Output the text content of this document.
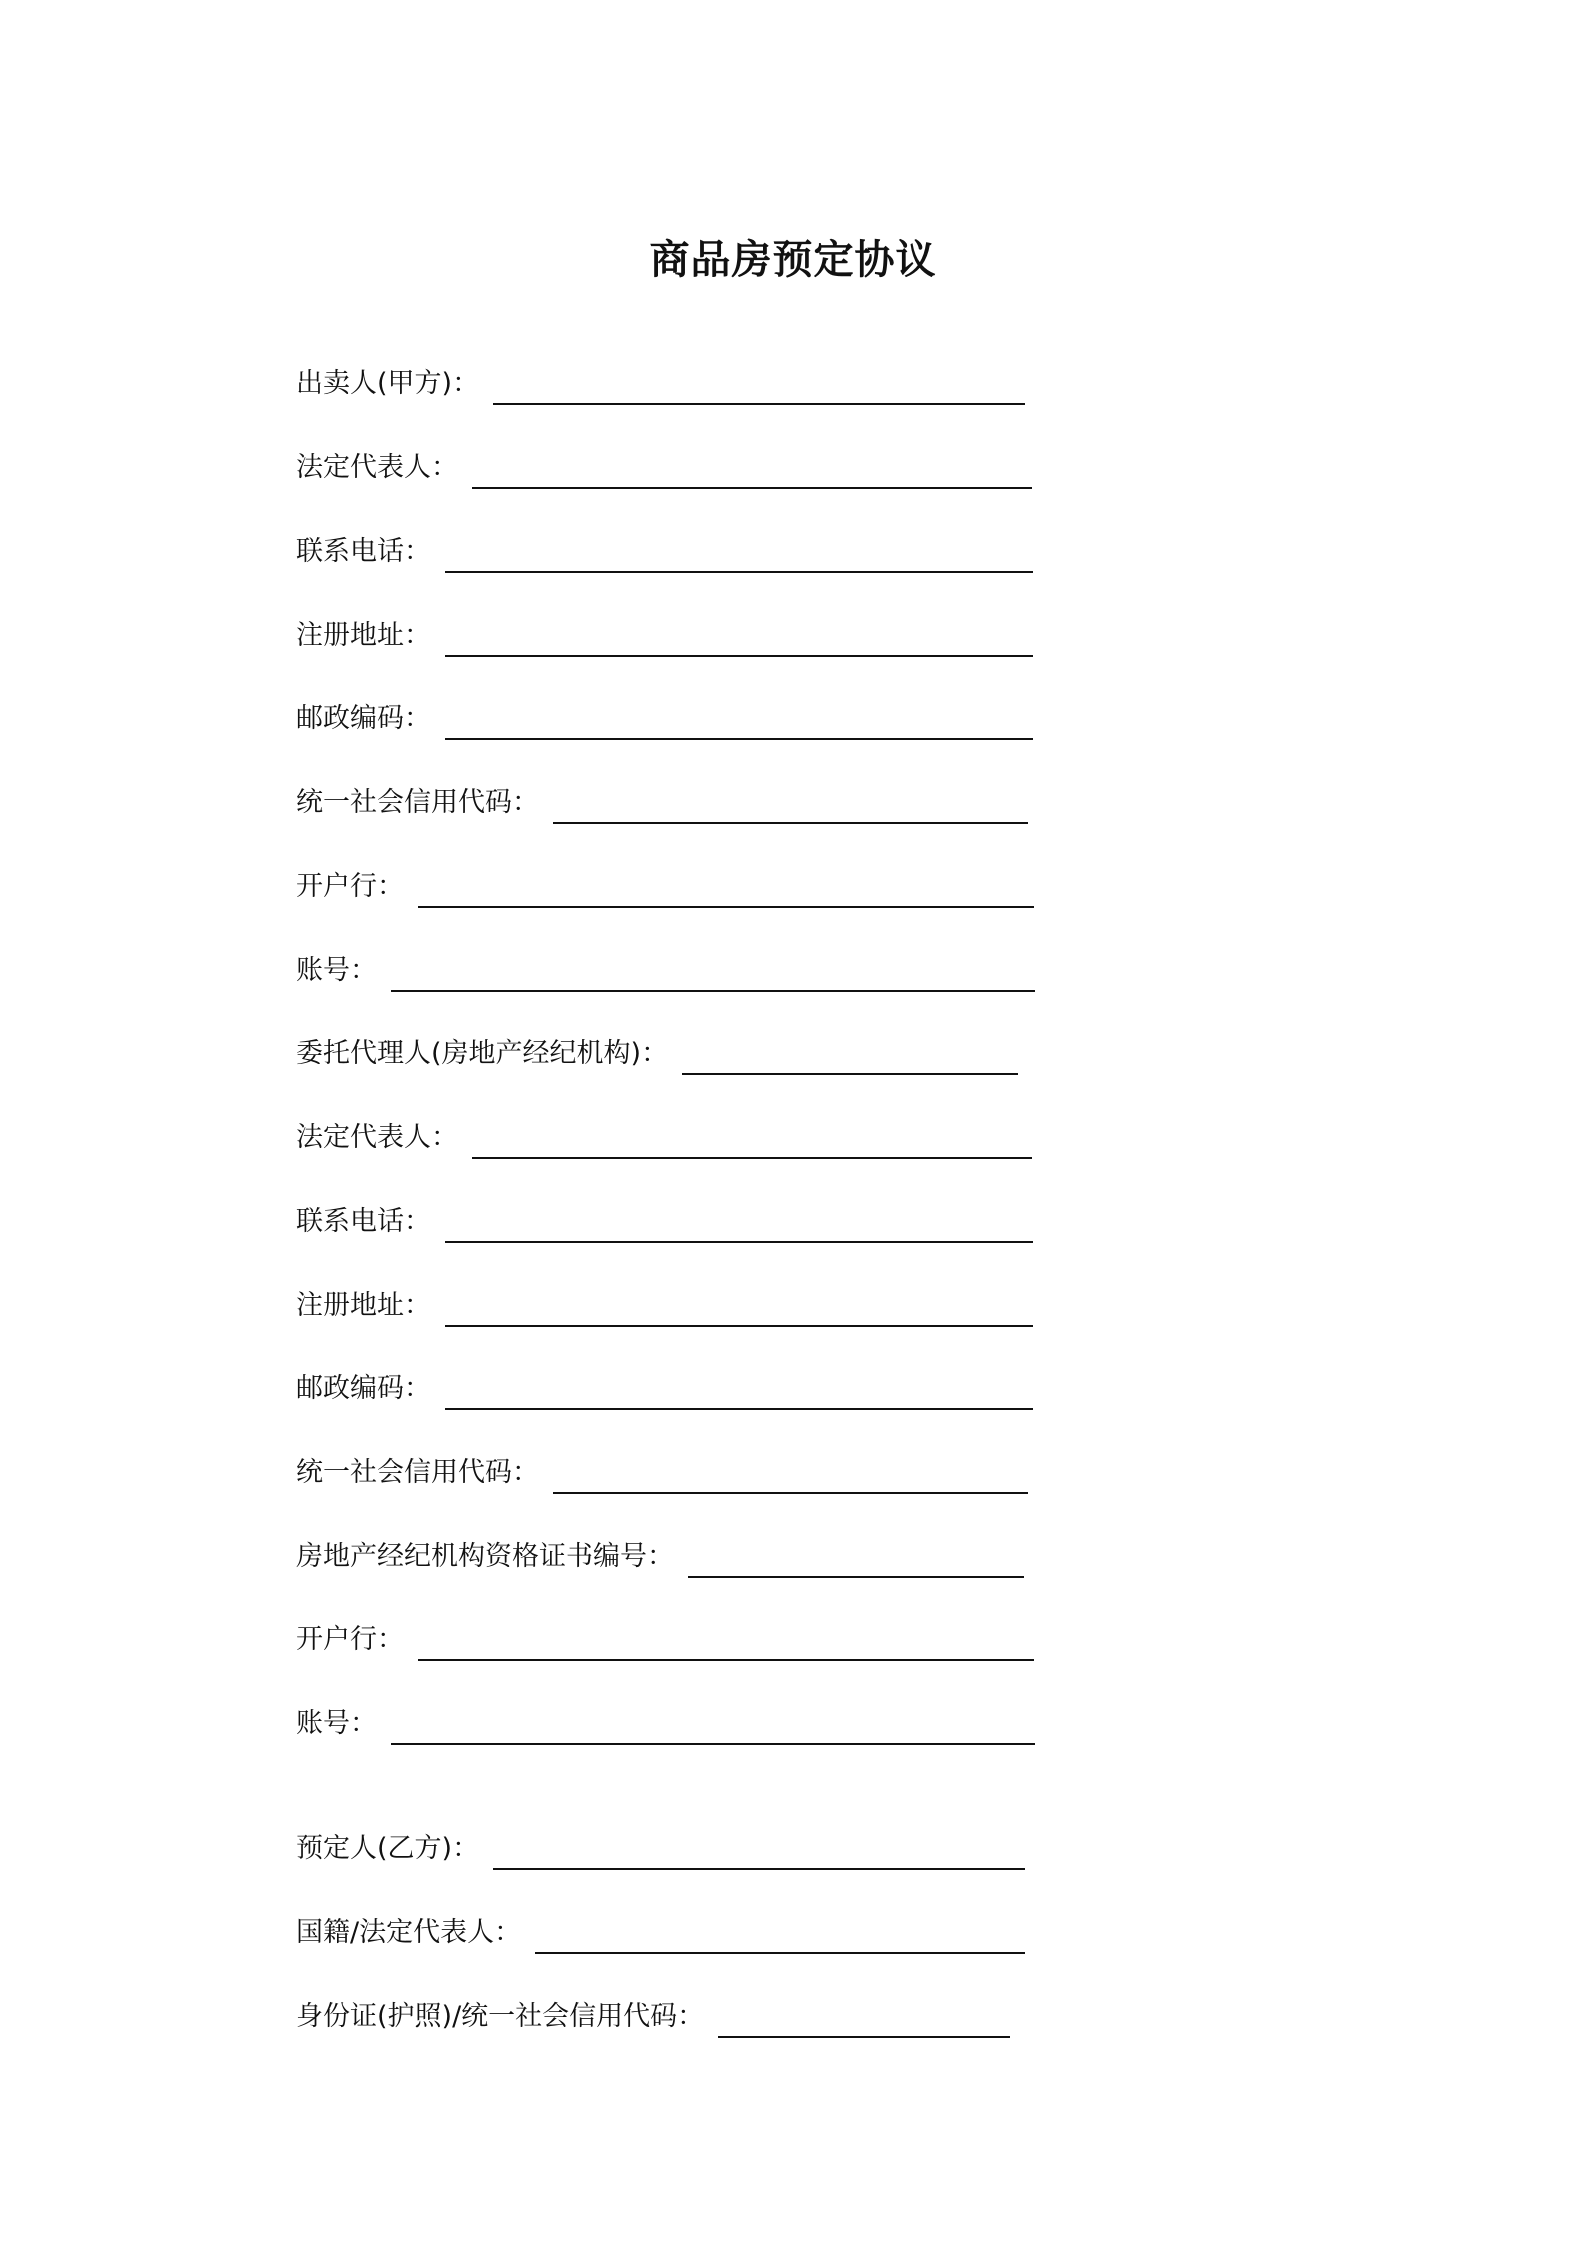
商品房预定协议
出卖人(甲方)：
法定代表人：
联系电话：
注册地址：
邮政编码：
统一社会信用代码：
开户行：
账号：
委托代理人(房地产经纪机构)：
法定代表人：
联系电话：
注册地址：
邮政编码：
统一社会信用代码：
房地产经纪机构资格证书编号：
开户行：
账号：
预定人(乙方)：
国籍/法定代表人：
身份证(护照)/统一社会信用代码：
